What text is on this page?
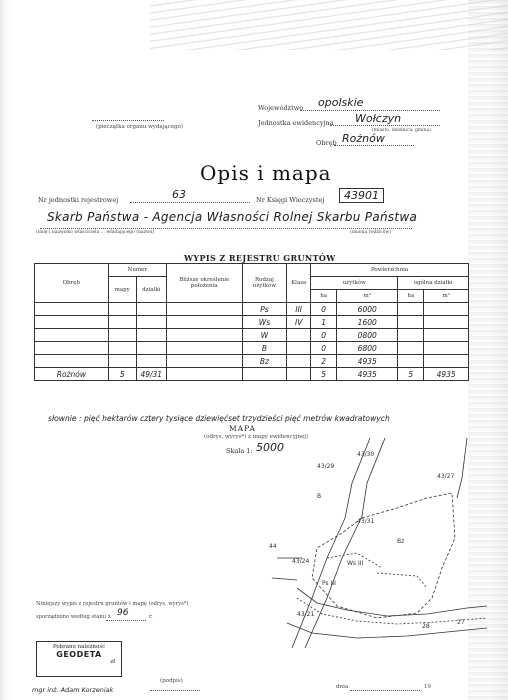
(pieczątka organu wydającego)
Województwo opolskie
Jednostka ewidencyjna Wołczyn
(miasto, dzielnica, gmina)
Obręb Rożnów
Opis i mapa
Nr jednostki rejestrowej	63	Nr Księgi Wieczystej	43901
Skarb Państwa - Agencja Własności Rolnej Skarbu Państwa
(imię i nazwisko właściciela ... władającego (nazwa)	(imiona rodziców)
WYPIS Z REJESTRU GRUNTÓW
Obręb	Numer		Bliższe określenie położenia	Rodzaj użytków	Klasa	Powierzchnia			
	mapy	działki				użytków		ogólna działki	
						ha	m²	ha	m²
				Ps	III	0	6000		
				Ws	IV	1	1600		
				W		0	0800		
				B		0	6800		
				Bz		2	4935		
Rożnów	5	49/31				5	4935	5	4935
słownie : pięć hektarów cztery tysiące dziewięćset trzydzieści pięć metrów kwadratowych
MAPA
(odrys, wyrys*) z mapy ewidencyjnej)
Skala 1: 5000
43/29
43/30
43/27
B
Bz
43/31
Ws III
Ps III
43/24
44
43/21
28
27
Niniejszy wypis z rejestru gruntów i mapę (odrys, wyrys*)
sporządzono według stanu z 96	r.
Pobrano należność
GEODETA
zł
mgr inż. Adam Korzeniak
(podpis)
dnia	19
